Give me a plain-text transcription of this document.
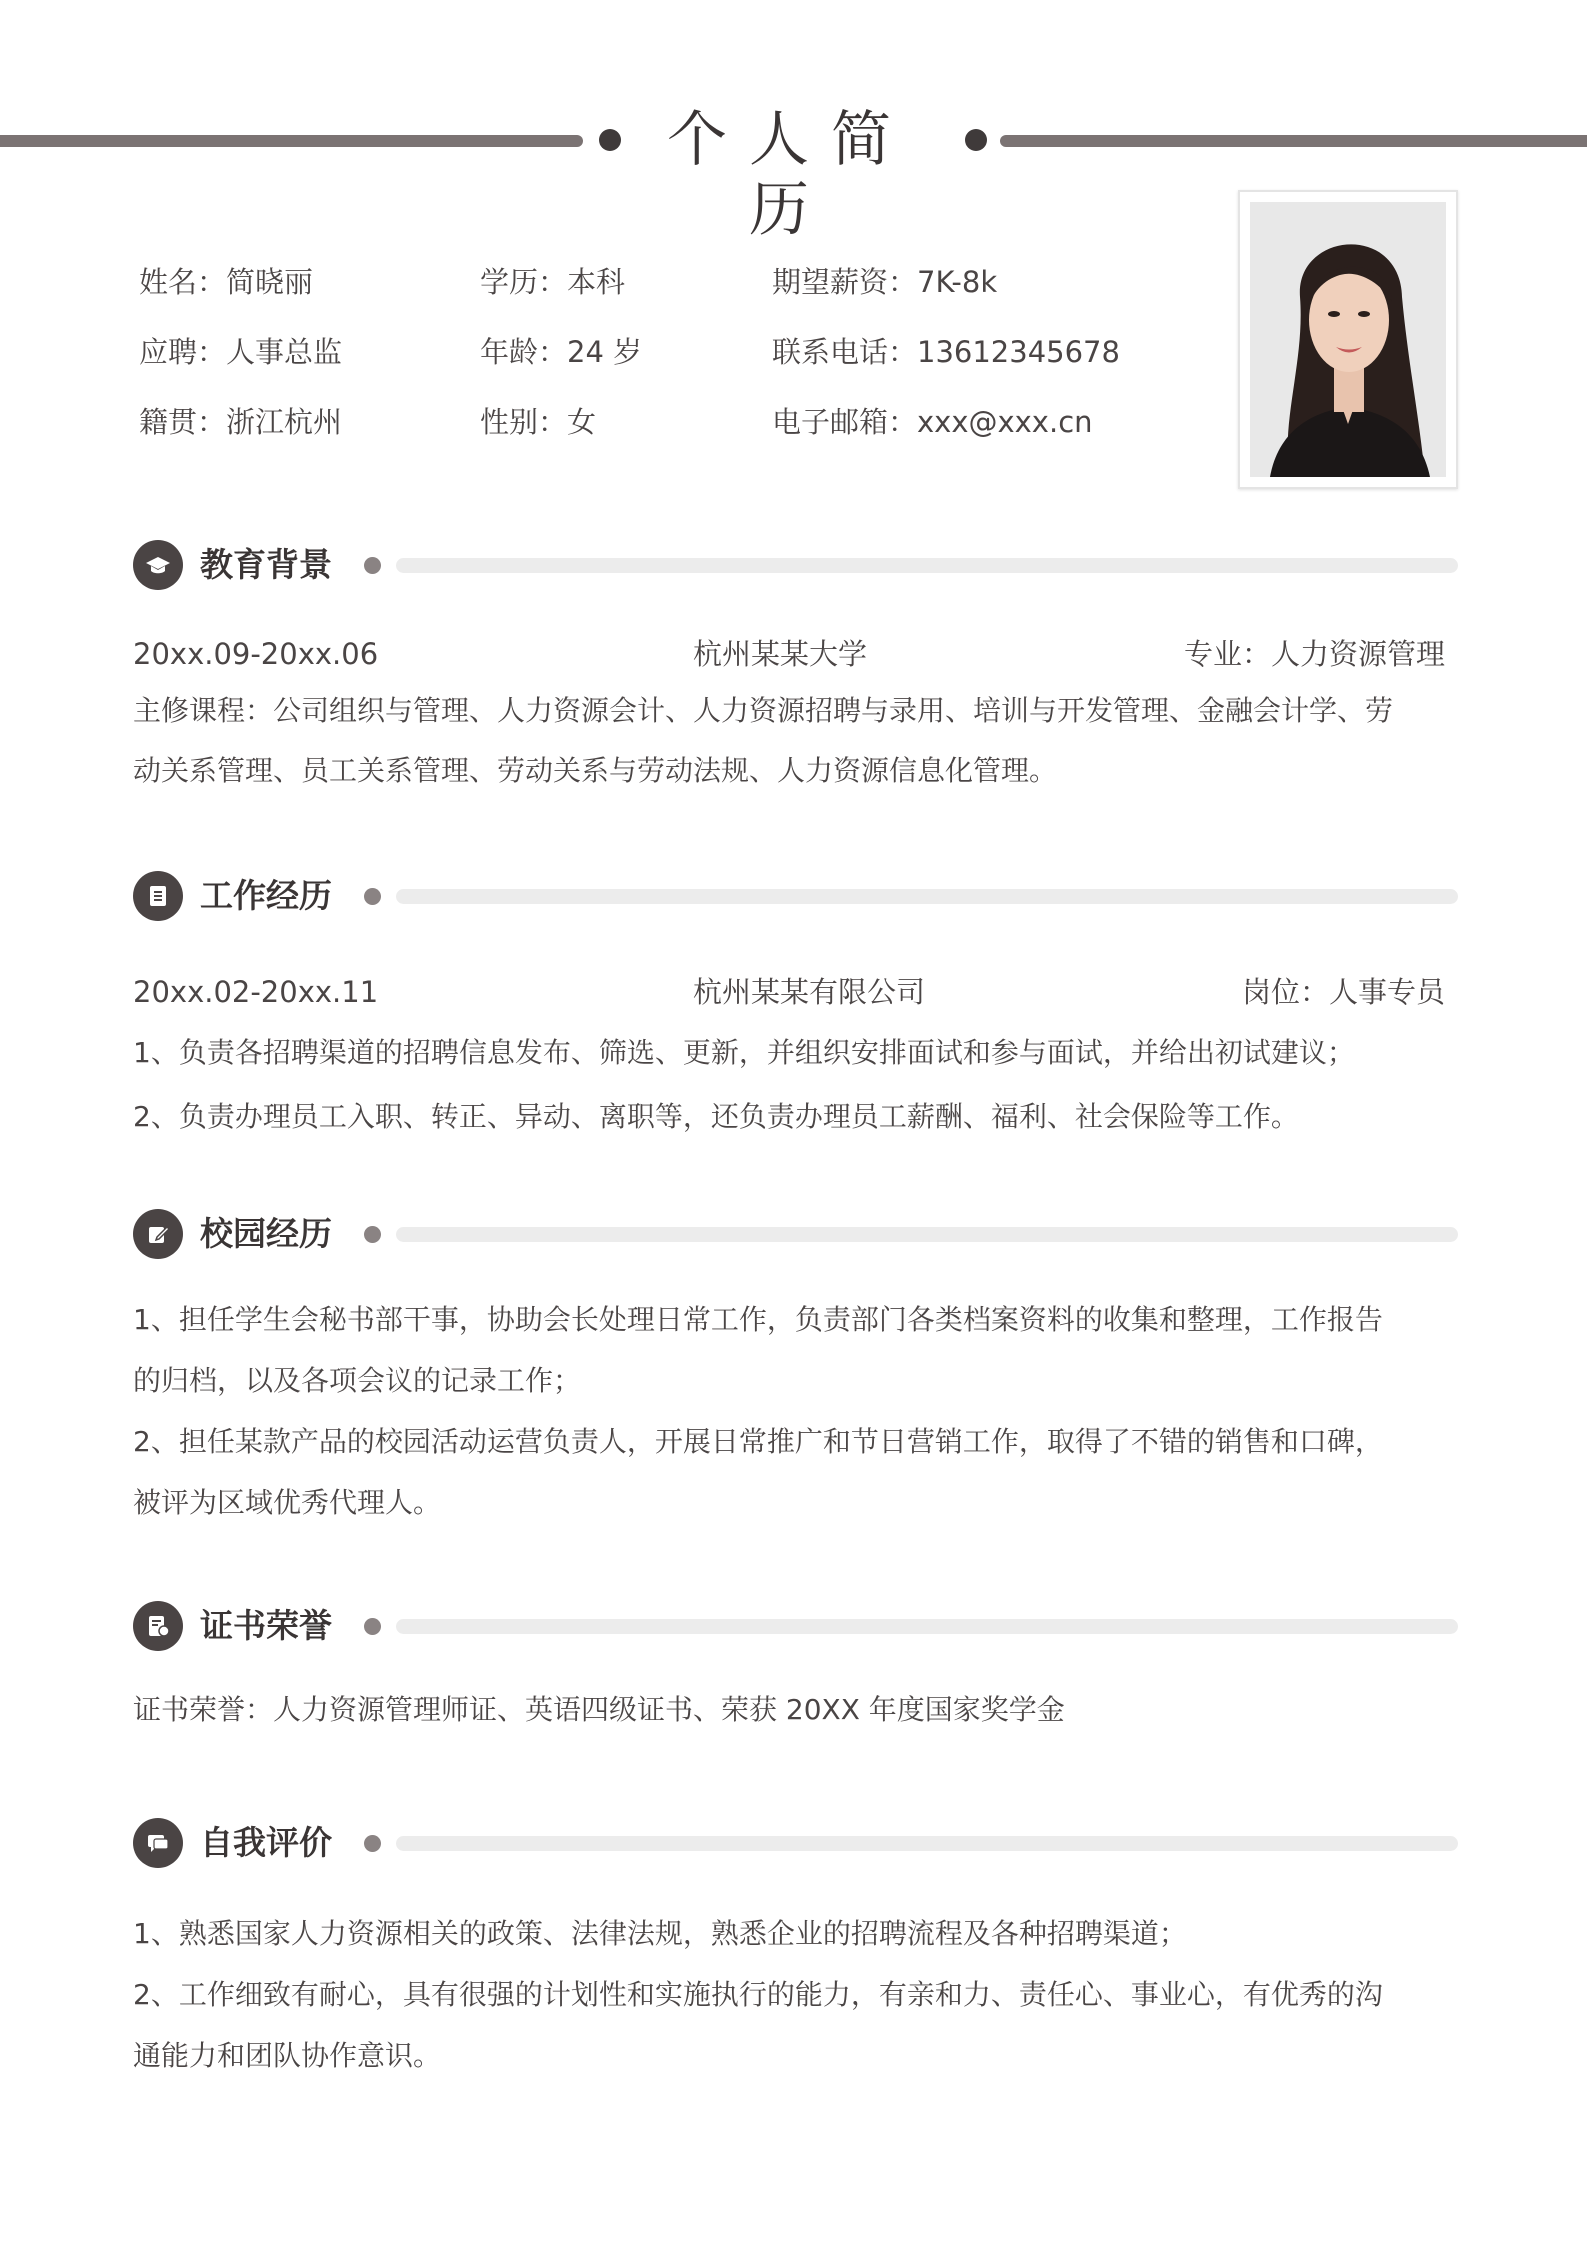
个人简历
姓名：简晓丽	学历：本科	期望薪资：7K-8k
应聘：人事总监	年龄：24 岁	联系电话：13612345678
籍贯：浙江杭州	性别：女	电子邮箱：xxx@xxx.cn
教育背景
20xx.09-20xx.06	杭州某某大学	专业：人力资源管理
主修课程：公司组织与管理、人力资源会计、人力资源招聘与录用、培训与开发管理、金融会计学、劳
动关系管理、员工关系管理、劳动关系与劳动法规、人力资源信息化管理。
工作经历
20xx.02-20xx.11	杭州某某有限公司	岗位：人事专员
1、负责各招聘渠道的招聘信息发布、筛选、更新，并组织安排面试和参与面试，并给出初试建议；
2、负责办理员工入职、转正、异动、离职等，还负责办理员工薪酬、福利、社会保险等工作。
校园经历
1、担任学生会秘书部干事，协助会长处理日常工作，负责部门各类档案资料的收集和整理，工作报告
的归档，以及各项会议的记录工作；
2、担任某款产品的校园活动运营负责人，开展日常推广和节日营销工作，取得了不错的销售和口碑，
被评为区域优秀代理人。
证书荣誉
证书荣誉：人力资源管理师证、英语四级证书、荣获 20XX 年度国家奖学金
自我评价
1、熟悉国家人力资源相关的政策、法律法规，熟悉企业的招聘流程及各种招聘渠道；
2、工作细致有耐心，具有很强的计划性和实施执行的能力，有亲和力、责任心、事业心，有优秀的沟
通能力和团队协作意识。
